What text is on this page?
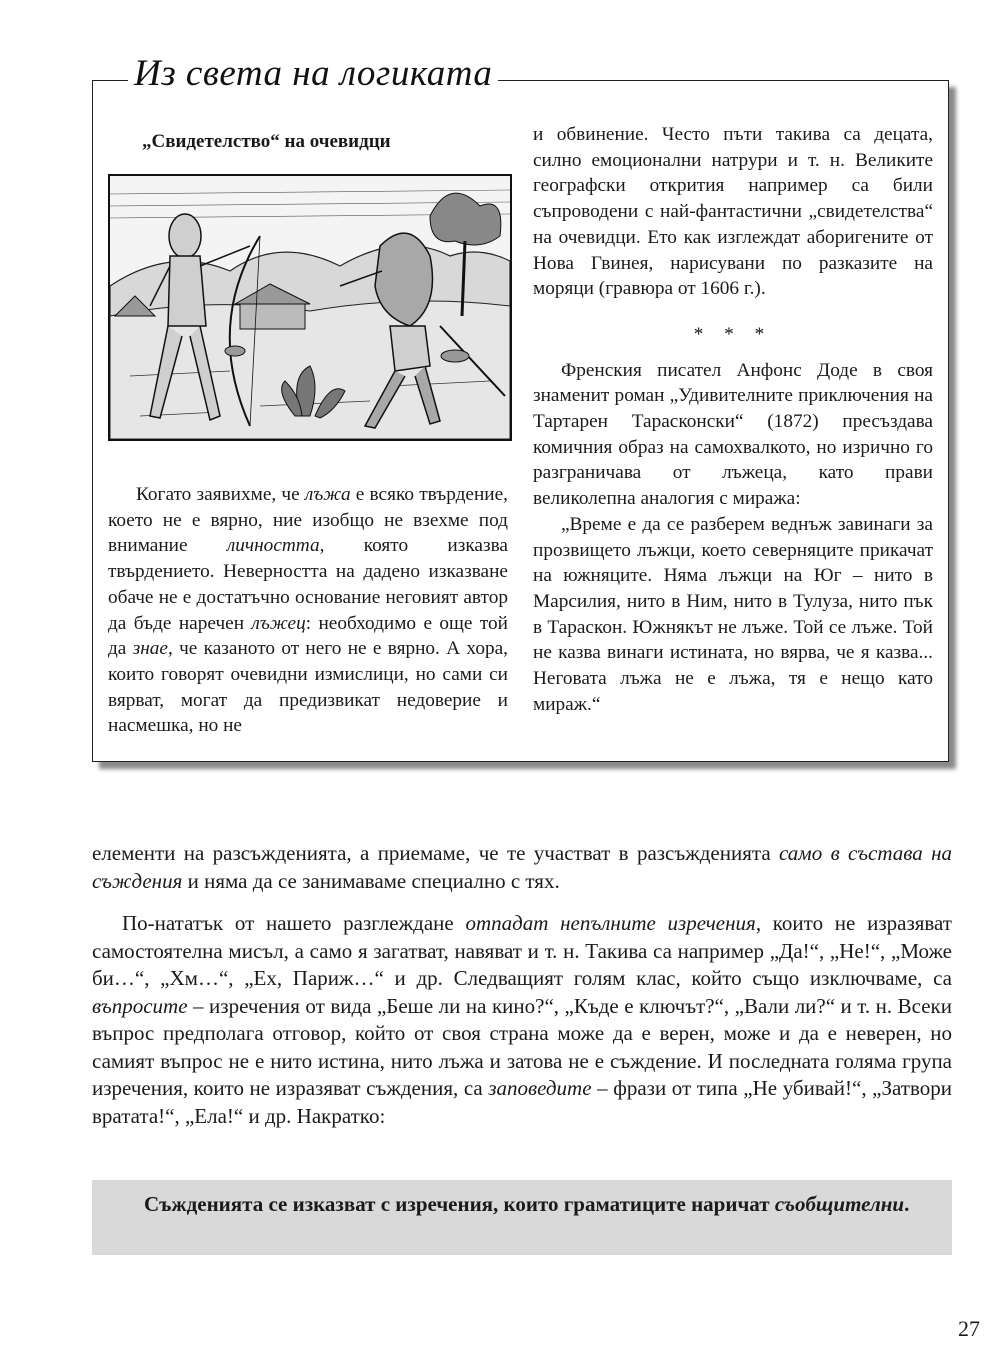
Из света на логиката
„Свидетелство“ на очевидци

Когато заявихме, че лъжа е всяко твърдение, което не е вярно, ние изобщо не взехме под внимание личността, която изказва твърдението. Неверността на дадено изказване обаче не е достатъчно основание неговият автор да бъде наречен лъжец: необходимо е още той да знае, че казаното от него не е вярно. А хора, които говорят очевидни измислици, но сами си вярват, могат да предизвикат недоверие и насмешка, но не

и обвинение. Често пъти такива са децата, силно емоционални натрури и т. н. Великите географски открития например са били съпроводени с най-фантастични „свидетелства“ на очевидци. Ето как изглеждат аборигените от Нова Гвинея, нарисувани по разказите на моряци (гравюра от 1606 г.).

* * *

Френския писател Анфонс Доде в своя знаменит роман „Удивителните приключения на Тартарен Тарасконски“ (1872) пресъздава комичния образ на самохвалкото, но изрично го разграничава от лъжеца, като прави великолепна аналогия с миража:

„Време е да се разберем веднъж завинаги за прозвището лъжци, което северняците прикачат на южняците. Няма лъжци на Юг – нито в Марсилия, нито в Ним, нито в Тулуза, нито пък в Тараскон. Южнякът не лъже. Той се лъже. Той не казва винаги истината, но вярва, че я казва... Неговата лъжа не е лъжа, тя е нещо като мираж.“

елементи на разсъжденията, а приемаме, че те участват в разсъжденията само в състава на съждения и няма да се занимаваме специално с тях.

По-нататък от нашето разглеждане отпадат непълните изречения, които не изразяват самостоятелна мисъл, а само я загатват, навяват и т. н. Такива са например „Да!“, „Не!“, „Може би…“, „Хм…“, „Ех, Париж…“ и др. Следващият голям клас, който също изключваме, са въпросите – изречения от вида „Беше ли на кино?“, „Къде е ключът?“, „Вали ли?“ и т. н. Всеки въпрос предполага отговор, който от своя страна може да е верен, може и да е неверен, но самият въпрос не е нито истина, нито лъжа и затова не е съждение. И последната голяма група изречения, които не изразяват съждения, са заповедите – фрази от типа „Не убивай!“, „Затвори вратата!“, „Ела!“ и др. Накратко:

Съжденията се изказват с изречения, които граматиците наричат съобщителни.
27
